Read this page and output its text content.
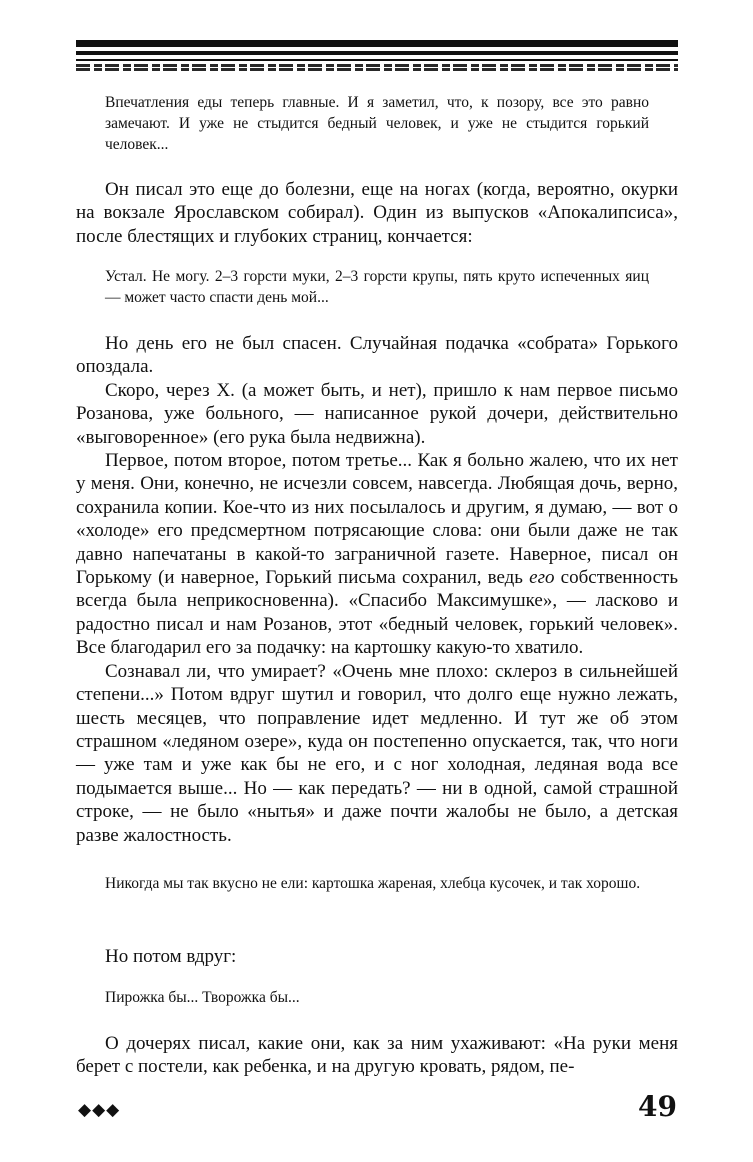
Впечатления еды теперь главные. И я заметил, что, к позору, все это равно замечают. И уже не стыдится бедный человек, и уже не стыдится горький человек...

Он писал это еще до болезни, еще на ногах (когда, вероятно, окурки на вокзале Ярославском собирал). Один из выпусков «Апокалипсиса», после блестящих и глубоких страниц, кончается:

Устал. Не могу. 2–3 горсти муки, 2–3 горсти крупы, пять круто испеченных яиц — может часто спасти день мой...

Но день его не был спасен. Случайная подачка «собрата» Горького опоздала.

Скоро, через X. (а может быть, и нет), пришло к нам первое письмо Розанова, уже больного, — написанное рукой дочери, действительно «выговоренное» (его рука была недвижна).

Первое, потом второе, потом третье... Как я больно жалею, что их нет у меня. Они, конечно, не исчезли совсем, навсегда. Любящая дочь, верно, сохранила копии. Кое-что из них посылалось и другим, я думаю, — вот о «холоде» его предсмертном потрясающие слова: они были даже не так давно напечатаны в какой-то заграничной газете. Наверное, писал он Горькому (и наверное, Горький письма сохранил, ведь его собственность всегда была неприкосновенна). «Спасибо Максимушке», — ласково и радостно писал и нам Розанов, этот «бедный человек, горький человек». Все благодарил его за подачку: на картошку какую-то хватило.

Сознавал ли, что умирает? «Очень мне плохо: склероз в сильнейшей степени...» Потом вдруг шутил и говорил, что долго еще нужно лежать, шесть месяцев, что поправление идет медленно. И тут же об этом страшном «ледяном озере», куда он постепенно опускается, так, что ноги — уже там и уже как бы не его, и с ног холодная, ледяная вода все подымается выше... Но — как передать? — ни в одной, самой страшной строке, — не было «нытья» и даже почти жалобы не было, а детская разве жалостность.

Никогда мы так вкусно не ели: картошка жареная, хлебца кусочек, и так хорошо.

Но потом вдруг:

Пирожка бы... Творожка бы...

О дочерях писал, какие они, как за ним ухаживают: «На руки меня берет с постели, как ребенка, и на другую кровать, рядом, пе-

◆◆◆	49
